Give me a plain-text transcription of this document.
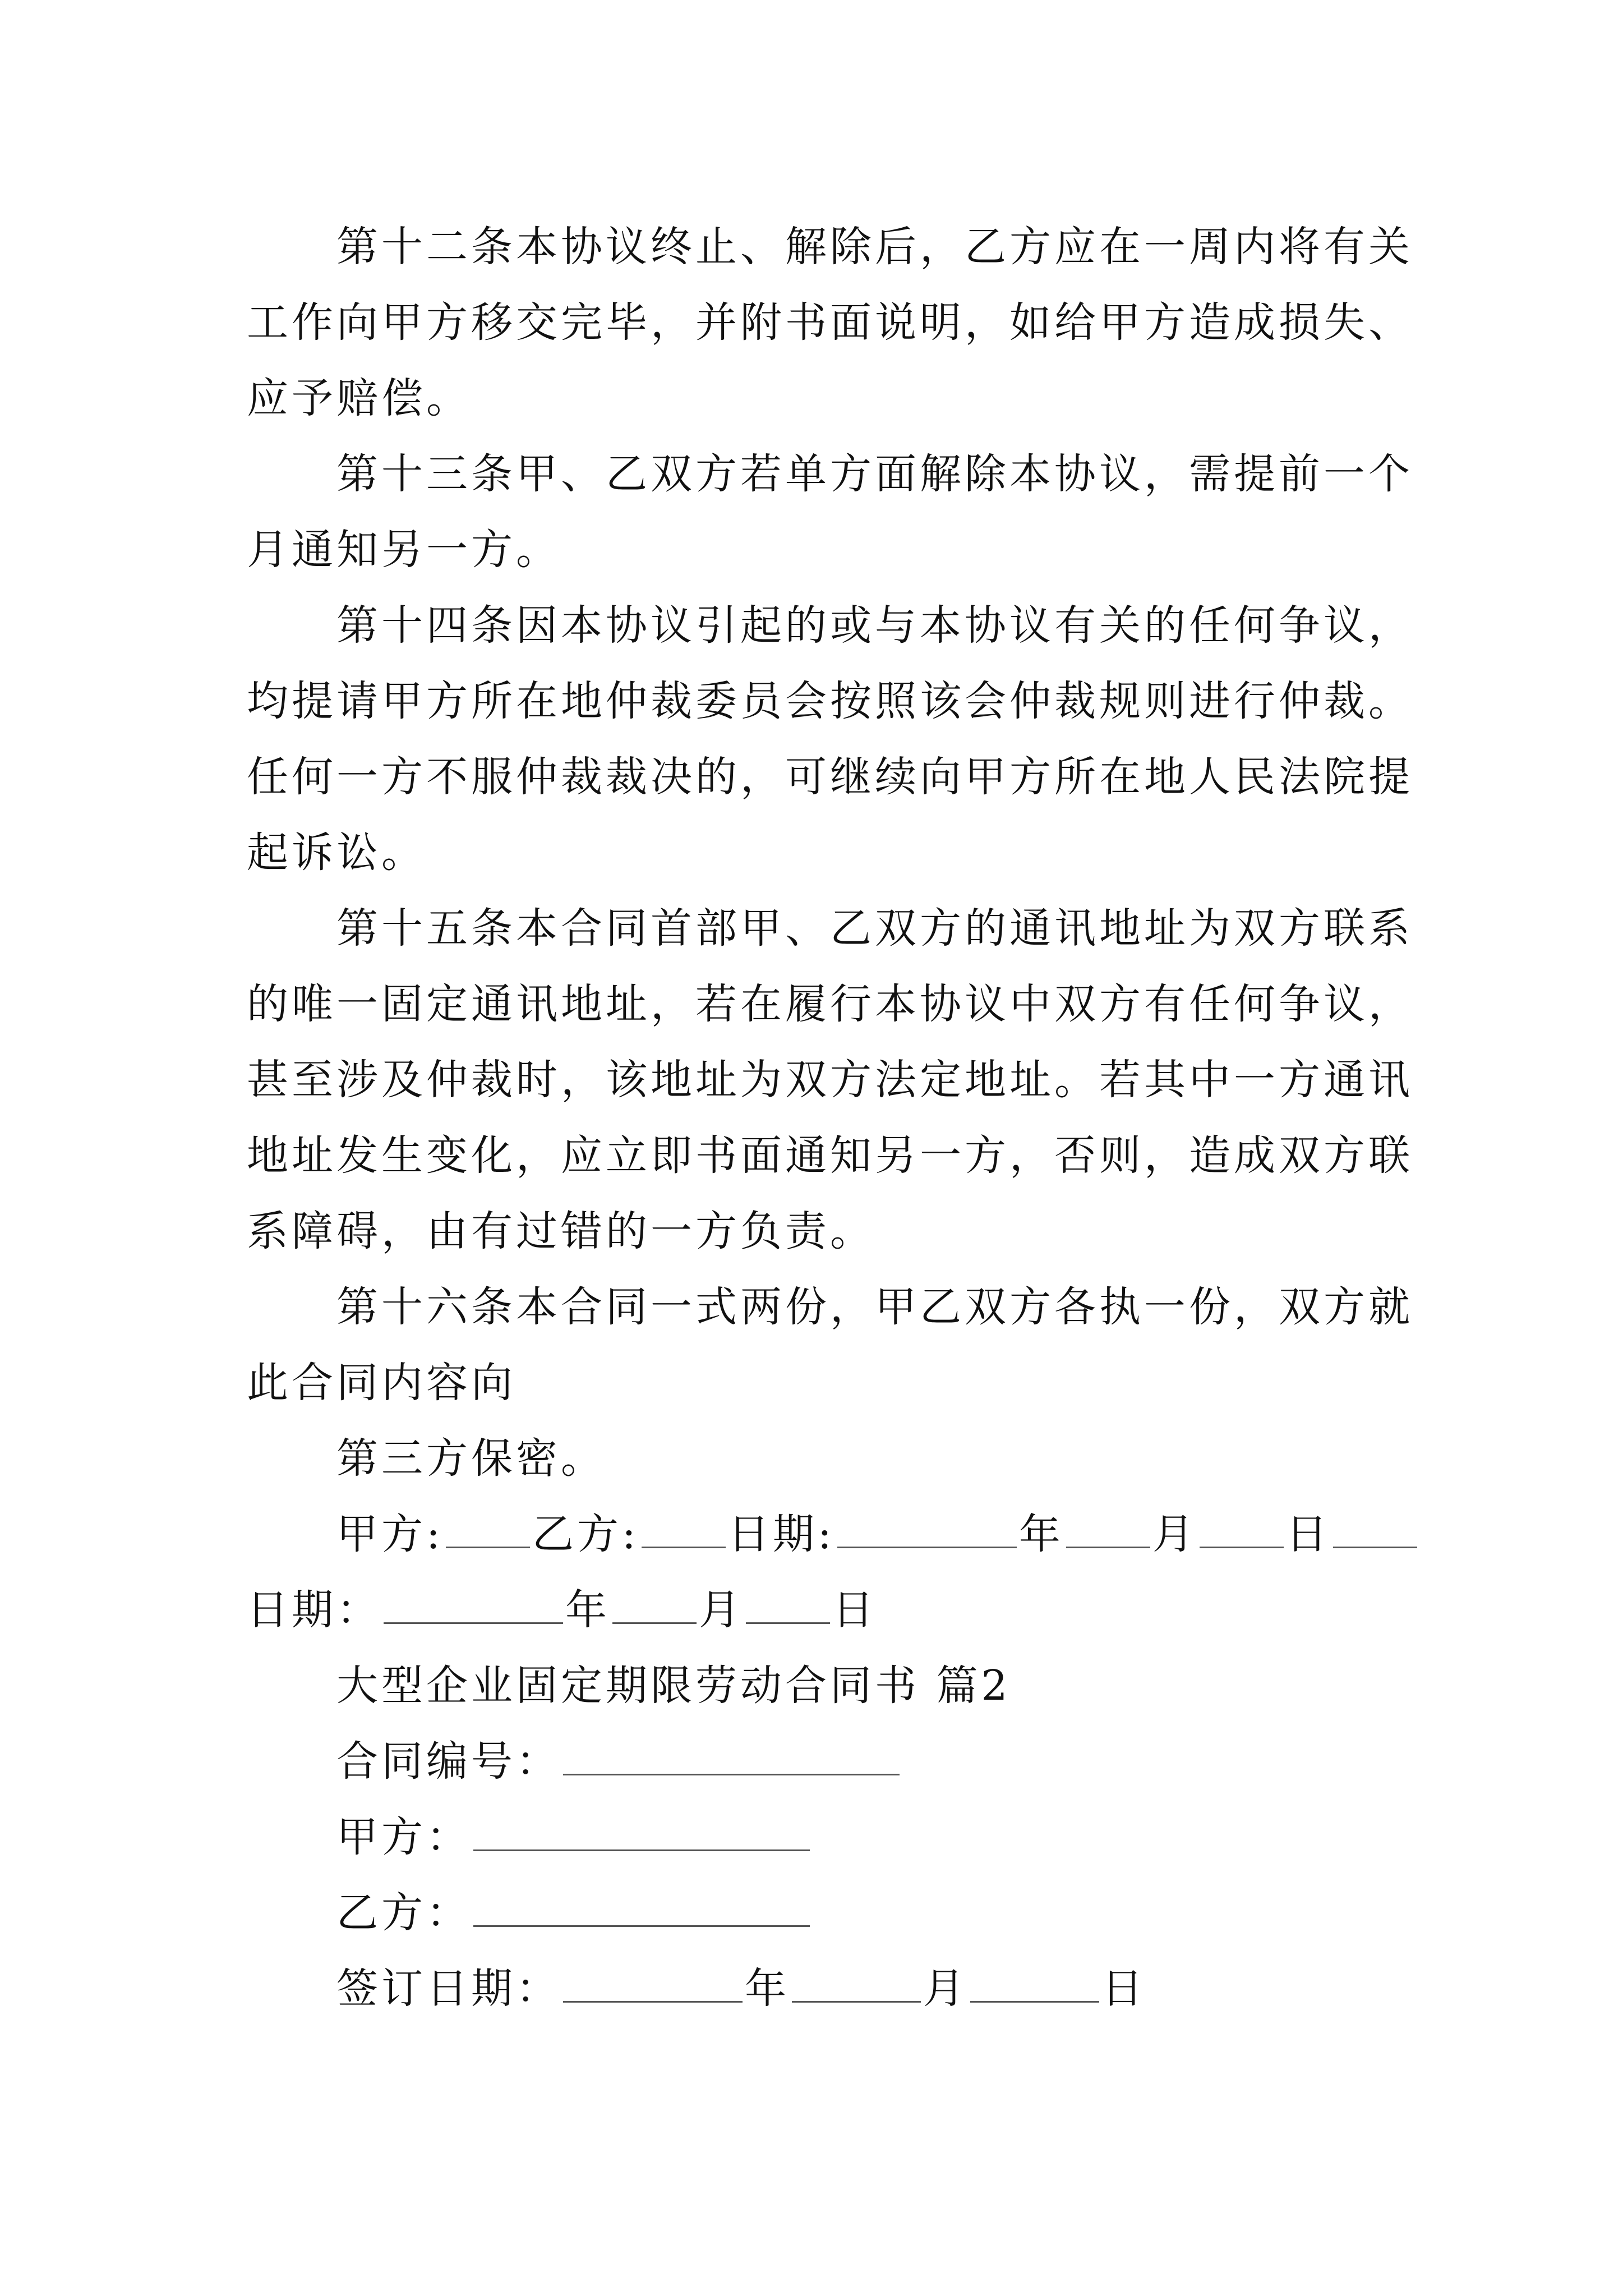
第十二条本协议终止、解除后，乙方应在一周内将有关
工作向甲方移交完毕，并附书面说明，如给甲方造成损失、
应予赔偿。
第十三条甲、乙双方若单方面解除本协议，需提前一个
月通知另一方。
第十四条因本协议引起的或与本协议有关的任何争议，
均提请甲方所在地仲裁委员会按照该会仲裁规则进行仲裁。
任何一方不服仲裁裁决的，可继续向甲方所在地人民法院提
起诉讼。
第十五条本合同首部甲、乙双方的通讯地址为双方联系
的唯一固定通讯地址，若在履行本协议中双方有任何争议，
甚至涉及仲裁时，该地址为双方法定地址。若其中一方通讯
地址发生变化，应立即书面通知另一方，否则，造成双方联
系障碍，由有过错的一方负责。
第十六条本合同一式两份，甲乙双方各执一份，双方就
此合同内容向
第三方保密。
甲方: 乙方: 日期:	年 月 日
日期：	年 月 日
大型企业固定期限劳动合同书 篇2
合同编号：
甲方：
乙方：
签订日期：	年	月	日
